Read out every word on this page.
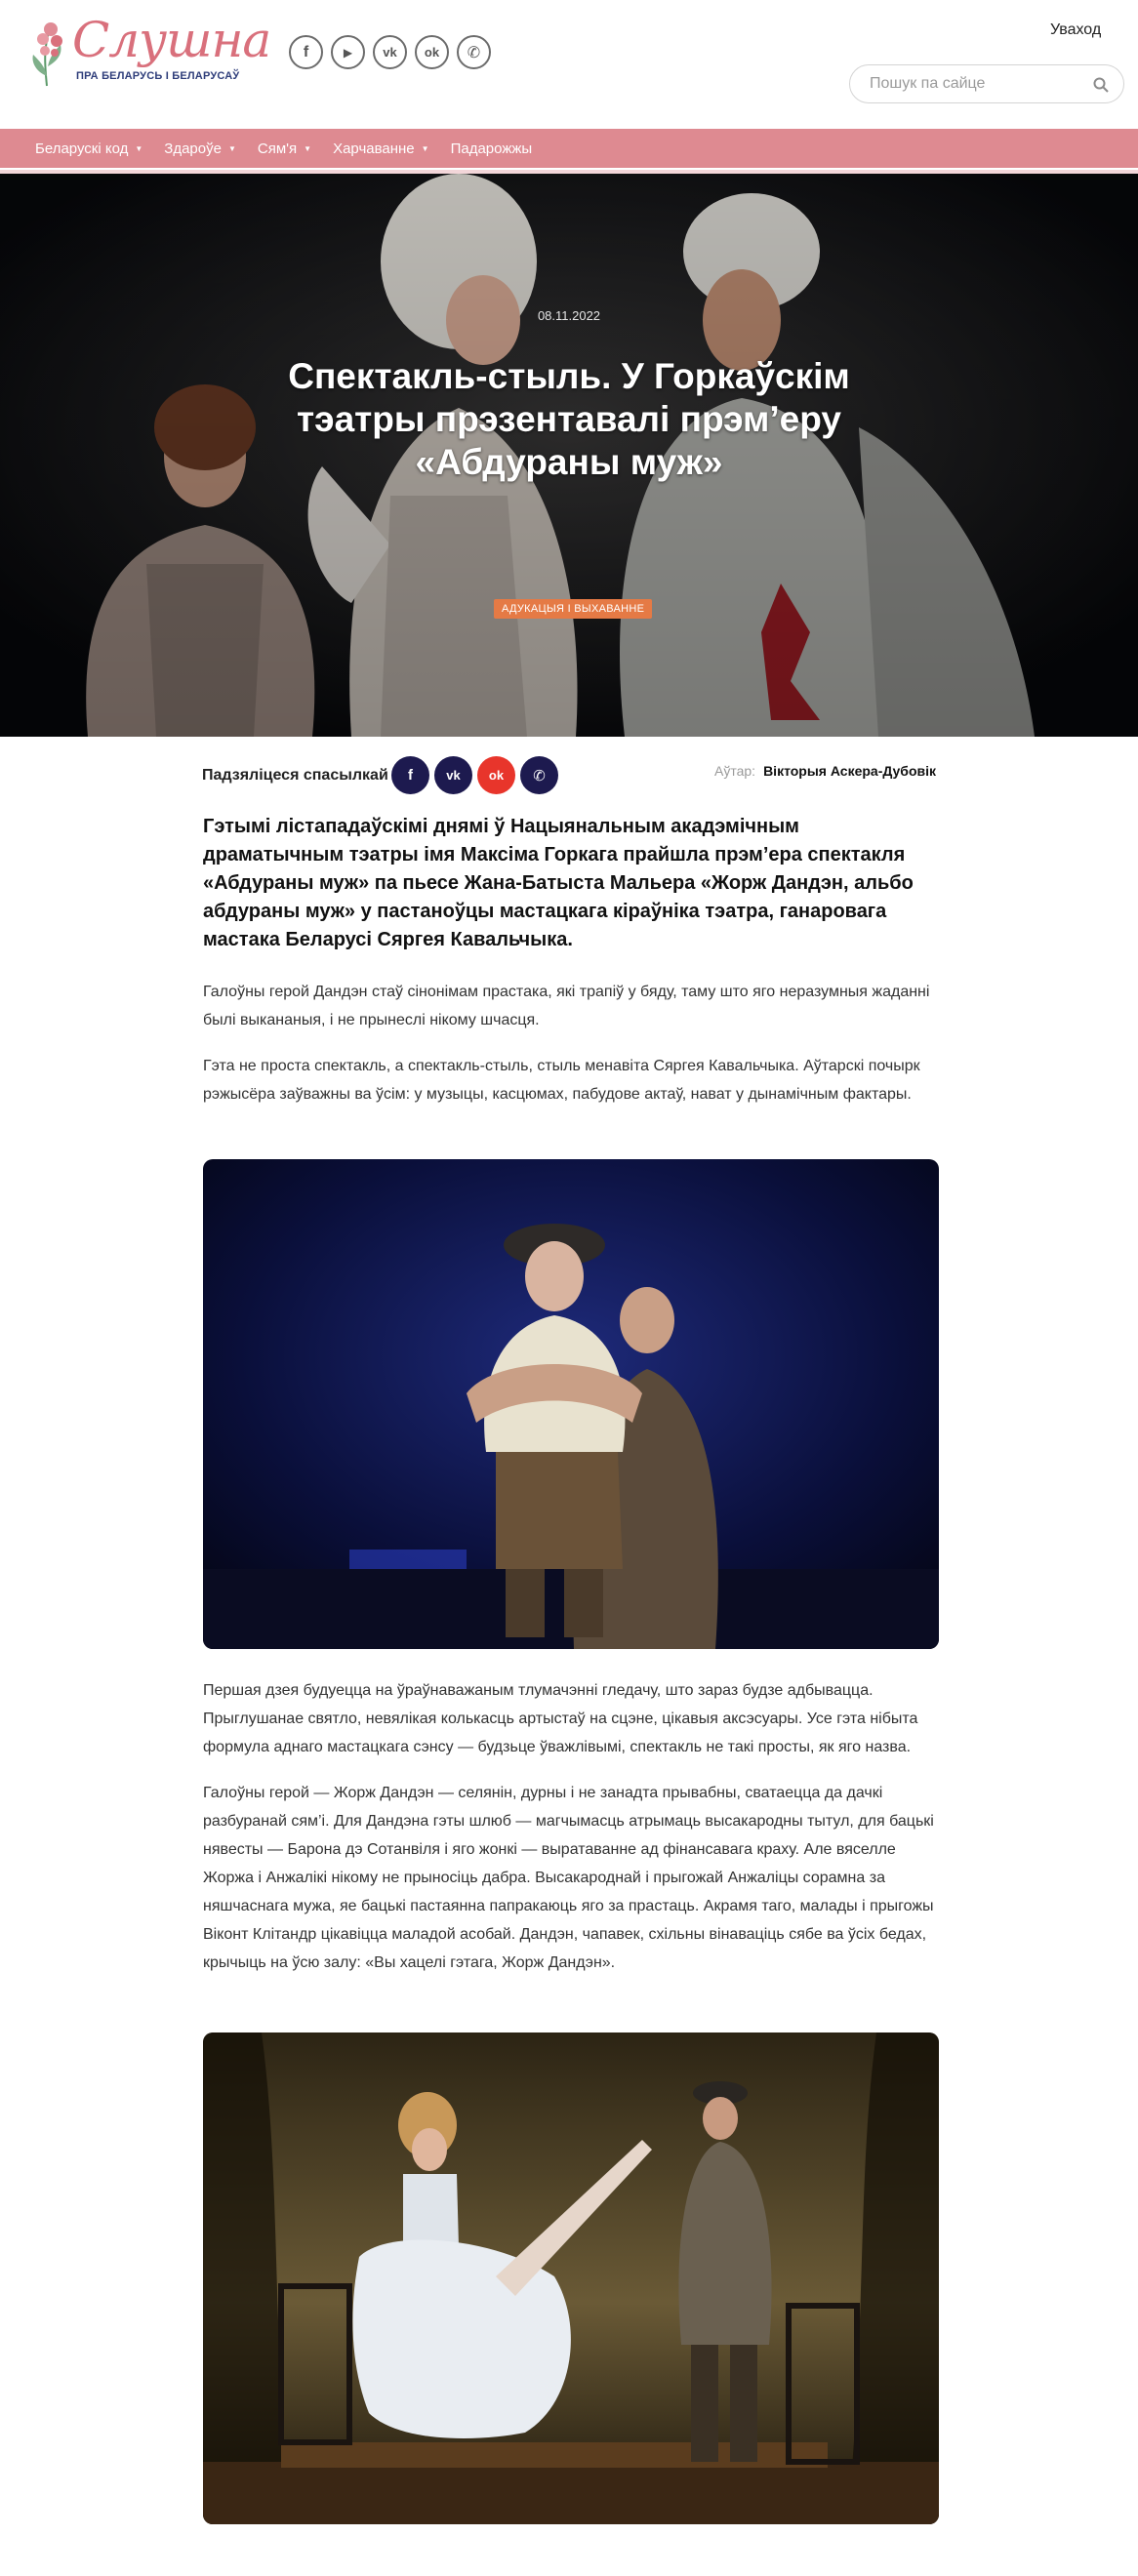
Слушна
ПРА БЕЛАРУСЬ І БЕЛАРУСАЎ
f	▶	vk	ok	✆
Уваход
Пошук па сайце
Беларускі код ▼ Здароўе ▼ Сям'я ▼ Харчаванне ▼ Падарожжы
08.11.2022
Спектакль-стыль. У Горкаўскім тэатры прэзентавалі прэм’еру «Абдураны муж»
АДУКАЦЫЯ І ВЫХАВАННЕ
Падзяліцеся спасылкай	f	vk	ok	✆	Аўтар: Вікторыя Аскера-Дубовік

Гэтымі лістападаўскімі днямі ў Нацыянальным акадэмічным драматычным тэатры імя Максіма Горкага прайшла прэм’ера спектакля «Абдураны муж» па пьесе Жана-Батыста Мальера «Жорж Дандэн, альбо абдураны муж» у пастаноўцы мастацкага кіраўніка тэатра, ганаровага мастака Беларусі Сяргея Кавальчыка.

Галоўны герой Дандэн стаў сінонімам прастака, які трапіў у бяду, таму што яго неразумныя жаданні былі выкананыя, і не прынеслі нікому шчасця.

Гэта не проста спектакль, а спектакль-стыль, стыль менавіта Сяргея Кавальчыка. Аўтарскі почырк рэжысёра заўважны ва ўсім: у музыцы, касцюмах, пабудове актаў, нават у дынамічным фактары.

Першая дзея будуецца на ўраўнаважаным тлумачэнні гледачу, што зараз будзе адбывацца. Прыглушанае святло, невялікая колькасць артыстаў на сцэне, цікавыя аксэсуары. Усе гэта нібыта формула аднаго мастацкага сэнсу — будзьце ўважлівымі, спектакль не такі просты, як яго назва.

Галоўны герой — Жорж Дандэн — селянін, дурны і не занадта прывабны, сватаецца да дачкі разбуранай сям’і. Для Дандэна гэты шлюб — магчымасць атрымаць высакародны тытул, для бацькі нявесты — Барона дэ Сотанвіля і яго жонкі — выратаванне ад фінансавага краху. Але вяселле Жоржа і Анжалікі нікому не прыносіць дабра. Высакароднай і прыгожай Анжаліцы сорамна за няшчаснага мужа, яе бацькі пастаянна папракаюць яго за прастаць. Акрамя таго, малады і прыгожы Віконт Клітандр цікавіцца маладой асобай. Дандэн, чапавек, схільны вінаваціць сябе ва ўсіх бедах, крычыць на ўсю залу: «Вы хацелі гэтага, Жорж Дандэн».
